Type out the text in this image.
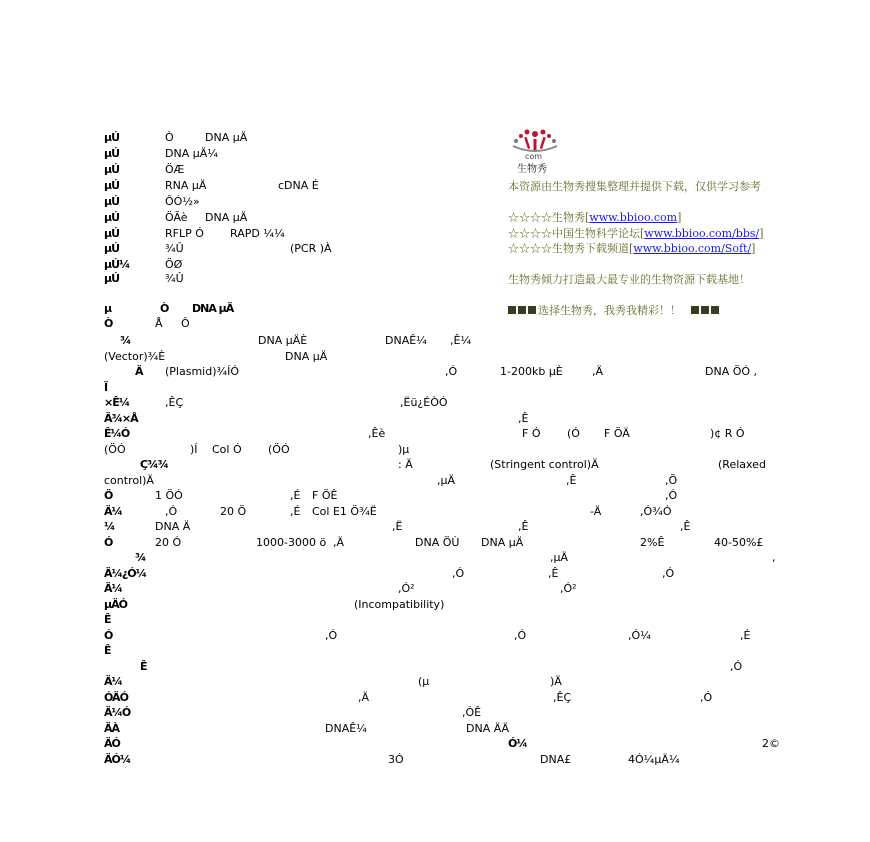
µÚ	Ò	DNA µÄ
µÚ	DNA µÄ¼
µÚ	ÖÆ
µÚ	RNA µÄ	cDNA É
µÚ	ÔÓ½»
µÚ	ÖÃè DNA µÄ
µÚ	RFLP Ó RAPD ¼¼
µÚ	¾Û	(PCR )À
µÚ¼	ÖØ
µÚ	¾Û
µ	Ò DNA µÄ
Ò	Å Ô
¾	DNA µÄÈ	DNAÊ¼ ,Ê¼
(Vector)¾È	DNA µÄ
Ä (Plasmid)¾ÍÓ	,Ó	1-200kb µÈ	,Ä	DNA ÖÓ ,
Ï
×Ê¼	,ÊÇ	,Ëü¿ÉÒÓ
Ä¾×Å	,Ê
Ê¼Ó	,Êè	F Ó (Ó F ÖÄ	)¢ R Ó
(ÖÓ	)Í Col Ó (ÖÓ	)µ
Ç¾¾	: Ä	(Stringent control)Ä	(Relaxed
control)Ä	,µÄ	,Ê	,Õ
Ö	1 ÖÓ	,É F ÖÊ	,Ó
Ä¼	,Ó	20 Ö	,É Col E1 Ö¾Ë	-Ä	,Ó¾Ó
¼	DNA Ä	,Ë	,Ê	,Ê
Ó	20 Ó	1000-3000 ö ,Ä	DNA ÖÙ DNA µÄ	2%Ê	40-50%£
¾	,µÄ	,
Ä¼¿Ó¼	,Ó	,Ê	,Ó
Ä¼	,Ó²	,Ó²
µÄÓ	(Incompatibility)
Ê
Ó	,Ó	,Ó	,Ó¼	,É
Ê
Ê	,Ó
Ä¼	(µ	)Ä
ÓÄÓ	,Ä	,ÊÇ	,Ó
Ä¼Ó	,ÓÊ
ÄÀ	DNAÊ¼	DNA ÄÄ
ÄÓ	Ó¼	2©
ÄÓ¼	3Ó	DNA£	4Ó¼µÄ¼
com
生物秀
本资源由生物秀搜集整理并提供下载，仅供学习参考
☆☆☆☆生物秀[www.bbioo.com]
☆☆☆☆中国生物科学论坛[www.bbioo.com/bbs/]
☆☆☆☆生物秀下载频道[www.bbioo.com/Soft/]
生物秀倾力打造最大最专业的生物资源下载基地！
选择生物秀，我秀我精彩！！
